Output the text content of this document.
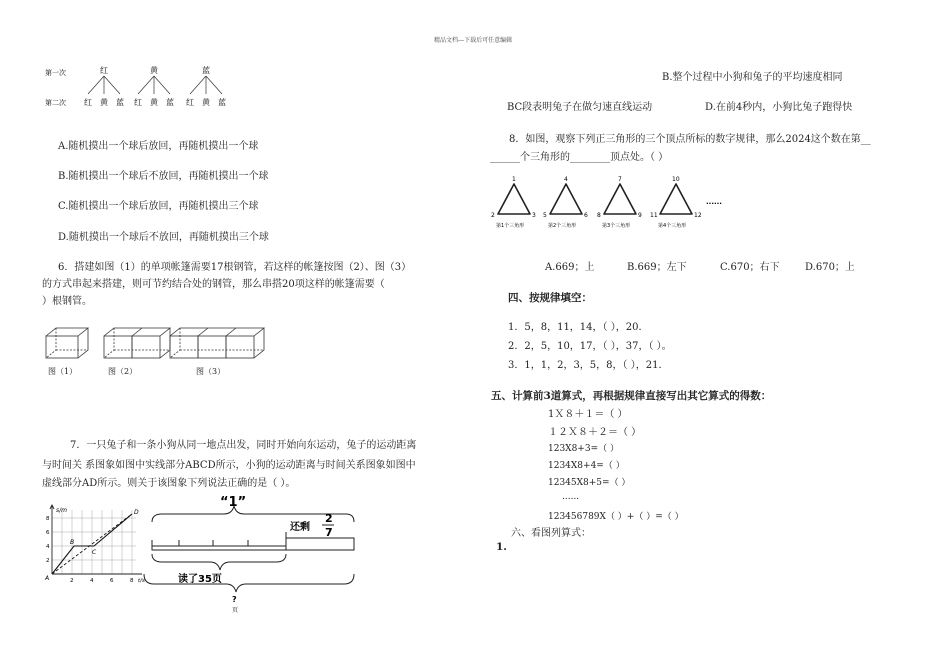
精品文档---下载后可任意编辑
第一次
第二次
红	黄	蓝
红 黄 蓝 红 黄 蓝 红 黄 蓝
A.随机摸出一个球后放回，再随机摸出一个球
B.随机摸出一个球后不放回，再随机摸出一个球
C.随机摸出一个球后放回，再随机摸出三个球
D.随机摸出一个球后不放回，再随机摸出三个球
6．搭建如图（1）的单项帐篷需要17根钢管，若这样的帐篷按图（2）、图（3）
的方式串起来搭建，则可节约结合处的钢管，那么串搭20项这样的帐篷需要（
）根钢管。
图（1）	图（2）	图（3）
7．一只兔子和一条小狗从同一地点出发，同时开始向东运动，兔子的运动距离
与时间关 系图象如图中实线部分ABCD所示，小狗的运动距离与时间关系图象如图中
虚线部分AD所示。则关于该图象下列说法正确的是（ ）。
s/m
t/s
8
6
4
2
2	4	6	8
A
B
C
D
“1”
还剩
2
7
读了35页
?
页
B.整个过程中小狗和兔子的平均速度相同
BC段表明兔子在做匀速直线运动	D.在前4秒内，小狗比兔子跑得快
8．如图，观察下列正三角形的三个顶点所标的数字规律，那么2024这个数在第__
______个三角形的________顶点处。（ ）
1
2	3
第1个三角形
4
5	6
第2个三角形
7
8	9
第3个三角形
10
11	12
第4个三角形
......
A.669；上	B.669；左下	C.670；右下	D.670；上
四、按规律填空：
1．5，8，11，14，（ ），20．
2．2，5，10，17，（ ），37，（ ）。
3．1，1，2，3，5，8，（ ），21．
五、计算前3道算式，再根据规律直接写出其它算式的得数：
1Ｘ８＋１＝（ ）
１２Ｘ８＋２＝（ ）
123X8+3=（ ）
1234X8+4=（ ）
12345X8+5=（ ）
......
123456789X（ ）+（ ）=（ ）
六、看图列算式：
1.
